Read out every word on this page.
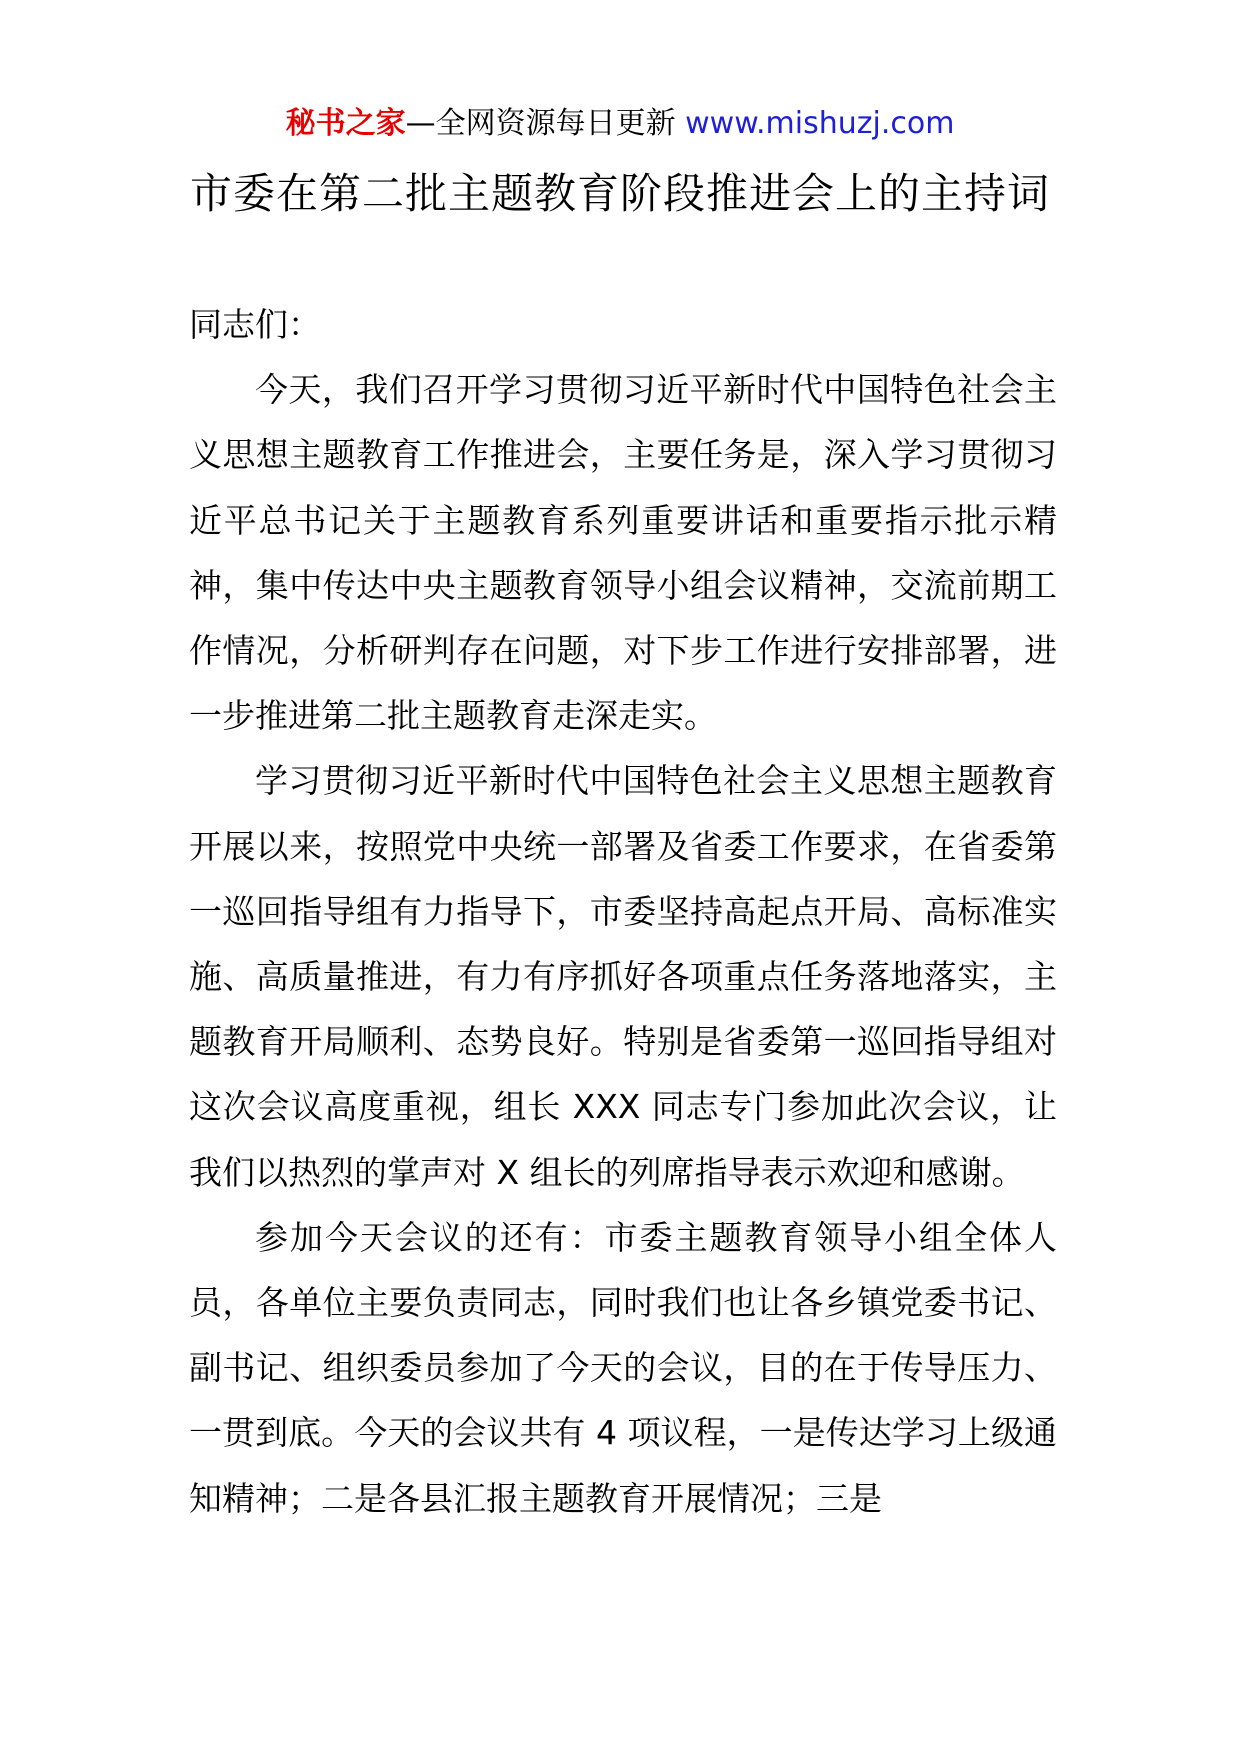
秘书之家—全网资源每日更新 www.mishuzj.com
市委在第二批主题教育阶段推进会上的主持词

同志们：

今天，我们召开学习贯彻习近平新时代中国特色社会主义思想主题教育工作推进会，主要任务是，深入学习贯彻习近平总书记关于主题教育系列重要讲话和重要指示批示精神，集中传达中央主题教育领导小组会议精神，交流前期工作情况，分析研判存在问题，对下步工作进行安排部署，进一步推进第二批主题教育走深走实。

学习贯彻习近平新时代中国特色社会主义思想主题教育开展以来，按照党中央统一部署及省委工作要求，在省委第一巡回指导组有力指导下，市委坚持高起点开局、高标准实施、高质量推进，有力有序抓好各项重点任务落地落实，主题教育开局顺利、态势良好。特别是省委第一巡回指导组对这次会议高度重视，组长 XXX 同志专门参加此次会议，让我们以热烈的掌声对 X 组长的列席指导表示欢迎和感谢。

参加今天会议的还有：市委主题教育领导小组全体人员，各单位主要负责同志，同时我们也让各乡镇党委书记、副书记、组织委员参加了今天的会议，目的在于传导压力、一贯到底。今天的会议共有 4 项议程，一是传达学习上级通知精神；二是各县汇报主题教育开展情况；三是
